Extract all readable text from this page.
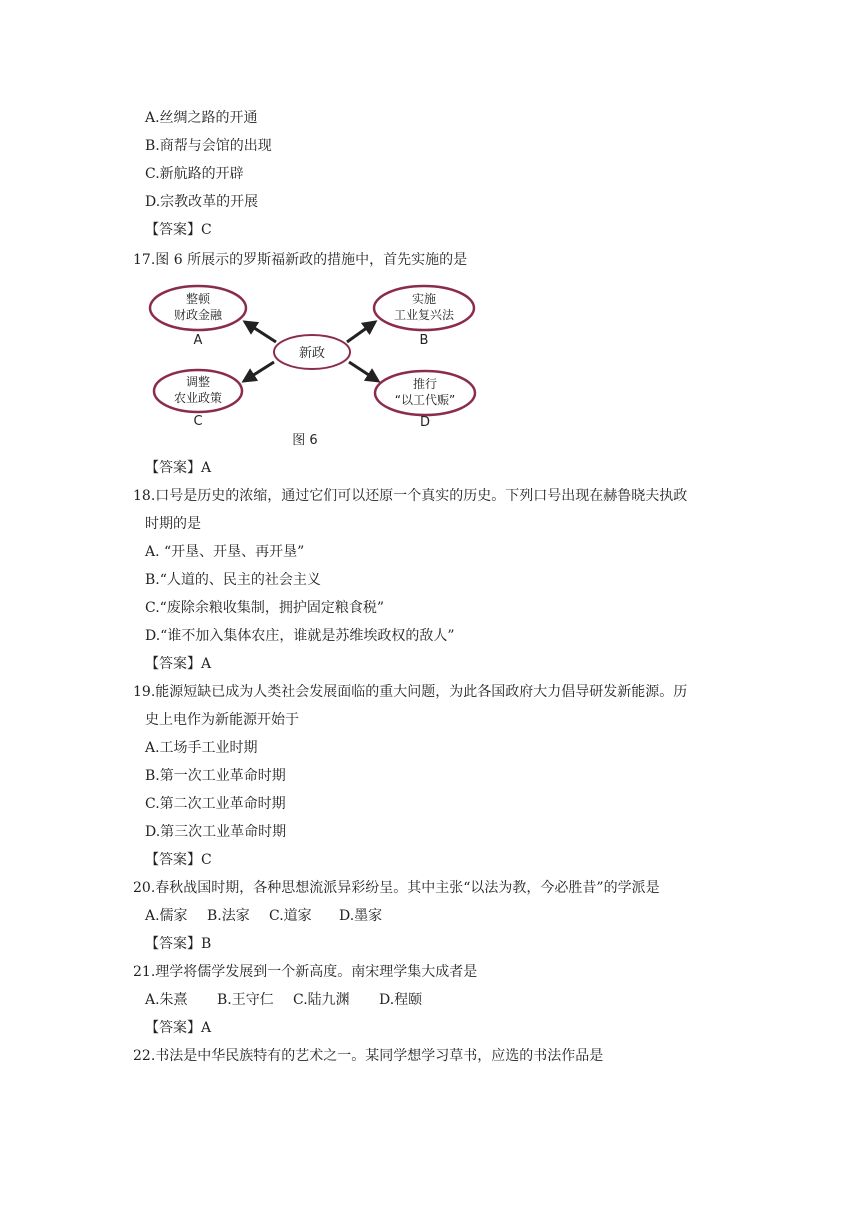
A.丝绸之路的开通
B.商帮与会馆的出现
C.新航路的开辟
D.宗教改革的开展
【答案】C
17.图 6 所展示的罗斯福新政的措施中，首先实施的是
新政
整顿
财政金融
A
实施
工业复兴法
B
调整
农业政策
C
推行
“以工代赈”
D
图 6
【答案】A
18.口号是历史的浓缩，通过它们可以还原一个真实的历史。下列口号出现在赫鲁晓夫执政
时期的是
A. “开垦、开垦、再开垦”
B.“人道的、民主的社会主义
C.“废除余粮收集制，拥护固定粮食税”
D.“谁不加入集体农庄，谁就是苏维埃政权的敌人”
【答案】A
19.能源短缺已成为人类社会发展面临的重大问题，为此各国政府大力倡导研发新能源。历
史上电作为新能源开始于
A.工场手工业时期
B.第一次工业革命时期
C.第二次工业革命时期
D.第三次工业革命时期
【答案】C
20.春秋战国时期，各种思想流派异彩纷呈。其中主张“以法为教，今必胜昔”的学派是
A.儒家 B.法家 C.道家 D.墨家
【答案】B
21.理学将儒学发展到一个新高度。南宋理学集大成者是
A.朱熹 B.王守仁 C.陆九渊 D.程颐
【答案】A
22.书法是中华民族特有的艺术之一。某同学想学习草书，应选的书法作品是
